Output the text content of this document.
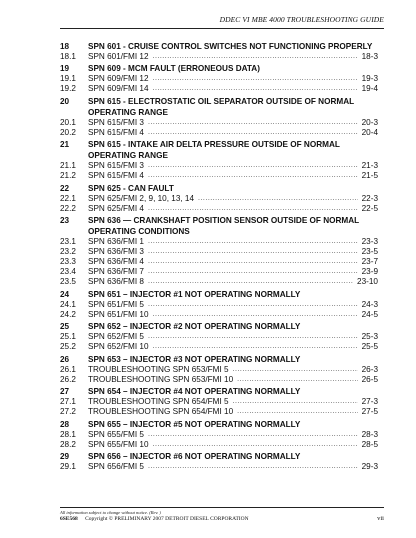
DDEC VI MBE 4000 TROUBLESHOOTING GUIDE
18	SPN 601 - CRUISE CONTROL SWITCHES NOT FUNCTIONING PROPERLY
18.1	SPN 601/FMI 12 .....	18-3
19	SPN 609 - MCM FAULT (ERRONEOUS DATA)
19.1	SPN 609/FMI 12 .....	19-3
19.2	SPN 609/FMI 14 .....	19-4
20	SPN 615 - ELECTROSTATIC OIL SEPARATOR OUTSIDE OF NORMAL OPERATING RANGE
20.1	SPN 615/FMI 3 .....	20-3
20.2	SPN 615/FMI 4 .....	20-4
21	SPN 615 - INTAKE AIR DELTA PRESSURE OUTSIDE OF NORMAL OPERATING RANGE
21.1	SPN 615/FMI 3 .....	21-3
21.2	SPN 615/FMI 4 .....	21-5
22	SPN 625 - CAN FAULT
22.1	SPN 625/FMI 2, 9, 10, 13, 14 .....	22-3
22.2	SPN 625/FMI 4 .....	22-5
23	SPN 636 — CRANKSHAFT POSITION SENSOR OUTSIDE OF NORMAL OPERATING CONDITIONS
23.1	SPN 636/FMI 1 .....	23-3
23.2	SPN 636/FMI 3 .....	23-5
23.3	SPN 636/FMI 4 .....	23-7
23.4	SPN 636/FMI 7 .....	23-9
23.5	SPN 636/FMI 8 .....	23-10
24	SPN 651 – INJECTOR #1 NOT OPERATING NORMALLY
24.1	SPN 651/FMI 5 .....	24-3
24.2	SPN 651/FMI 10 .....	24-5
25	SPN 652 – INJECTOR #2 NOT OPERATING NORMALLY
25.1	SPN 652/FMI 5 .....	25-3
25.2	SPN 652/FMI 10 .....	25-5
26	SPN 653 – INJECTOR #3 NOT OPERATING NORMALLY
26.1	TROUBLESHOOTING SPN 653/FMI 5 .....	26-3
26.2	TROUBLESHOOTING SPN 653/FMI 10 .....	26-5
27	SPN 654 – INJECTOR #4 NOT OPERATING NORMALLY
27.1	TROUBLESHOOTING SPN 654/FMI 5 .....	27-3
27.2	TROUBLESHOOTING SPN 654/FMI 10 .....	27-5
28	SPN 655 – INJECTOR #5 NOT OPERATING NORMALLY
28.1	SPN 655/FMI 5 .....	28-3
28.2	SPN 655/FMI 10 .....	28-5
29	SPN 656 – INJECTOR #6 NOT OPERATING NORMALLY
29.1	SPN 656/FMI 5 .....	29-3
All information subject to change without notice. (Rev. )
6SE568 Copyright © PRELIMINARY 2007 DETROIT DIESEL CORPORATION	vii
